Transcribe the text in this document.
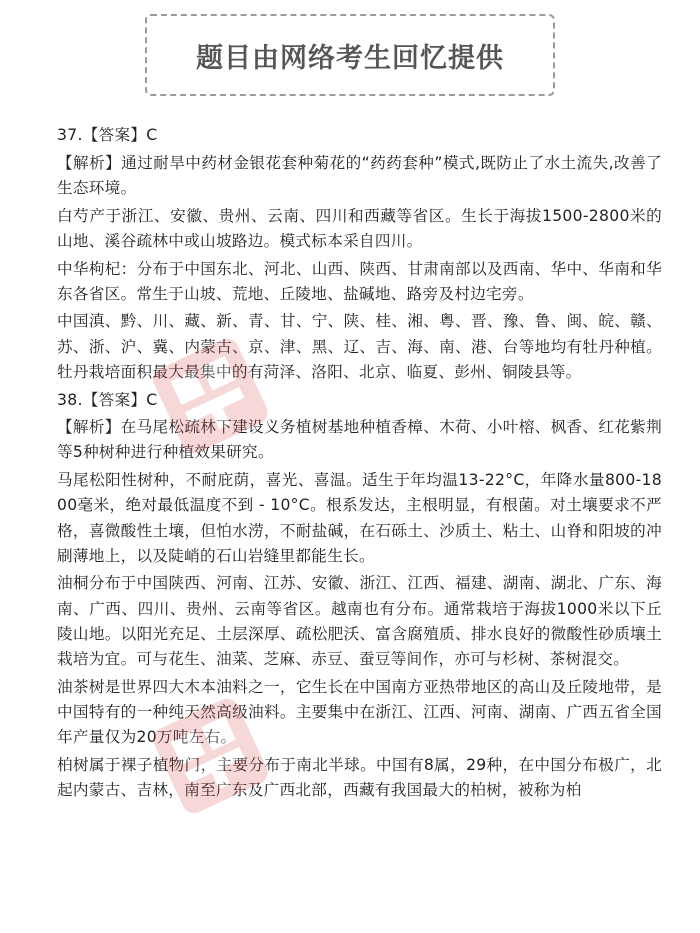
题目由网络考生回忆提供
37.【答案】C

【解析】通过耐旱中药材金银花套种菊花的“药药套种”模式,既防止了水土流失,改善了生态环境。

白芍产于浙江、安徽、贵州、云南、四川和西藏等省区。生长于海拔1500-2800米的山地、溪谷疏林中或山坡路边。模式标本采自四川。

中华枸杞：分布于中国东北、河北、山西、陕西、甘肃南部以及西南、华中、华南和华东各省区。常生于山坡、荒地、丘陵地、盐碱地、路旁及村边宅旁。

中国滇、黔、川、藏、新、青、甘、宁、陕、桂、湘、粤、晋、豫、鲁、闽、皖、赣、苏、浙、沪、冀、内蒙古、京、津、黑、辽、吉、海、南、港、台等地均有牡丹种植。牡丹栽培面积最大最集中的有菏泽、洛阳、北京、临夏、彭州、铜陵县等。

38.【答案】C

【解析】在马尾松疏林下建设义务植树基地种植香樟、木荷、小叶榕、枫香、红花紫荆等5种树种进行种植效果研究。

马尾松阳性树种，不耐庇荫，喜光、喜温。适生于年均温13-22°C，年降水量800-1800毫米，绝对最低温度不到 - 10°C。根系发达，主根明显，有根菌。对土壤要求不严格，喜微酸性土壤，但怕水涝，不耐盐碱，在石砾土、沙质土、粘土、山脊和阳坡的冲刷薄地上，以及陡峭的石山岩缝里都能生长。

油桐分布于中国陕西、河南、江苏、安徽、浙江、江西、福建、湖南、湖北、广东、海南、广西、四川、贵州、云南等省区。越南也有分布。通常栽培于海拔1000米以下丘陵山地。以阳光充足、土层深厚、疏松肥沃、富含腐殖质、排水良好的微酸性砂质壤土栽培为宜。可与花生、油菜、芝麻、赤豆、蚕豆等间作，亦可与杉树、茶树混交。

油茶树是世界四大木本油料之一，它生长在中国南方亚热带地区的高山及丘陵地带，是中国特有的一种纯天然高级油料。主要集中在浙江、江西、河南、湖南、广西五省全国年产量仅为20万吨左右。

柏树属于裸子植物门，主要分布于南北半球。中国有8属，29种，在中国分布极广，北起内蒙古、吉林，南至广东及广西北部，西藏有我国最大的柏树，被称为柏
